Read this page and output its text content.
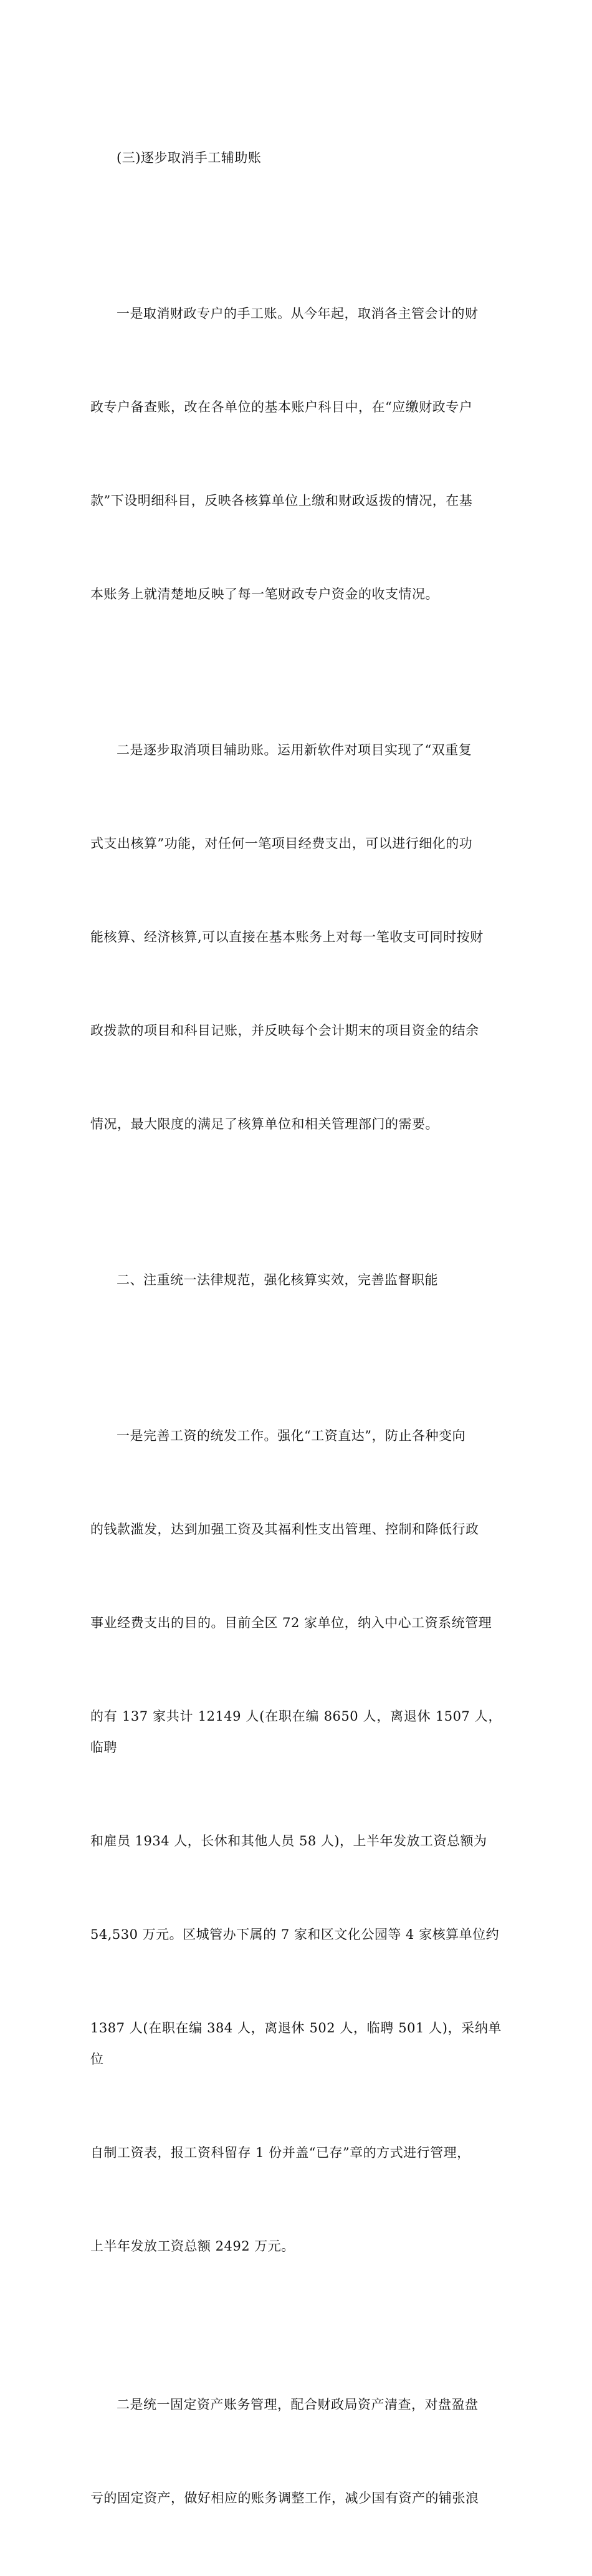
(三)逐步取消手工辅助账

一是取消财政专户的手工账。从今年起，取消各主管会计的财

政专户备查账，改在各单位的基本账户科目中，在“应缴财政专户

款”下设明细科目，反映各核算单位上缴和财政返拨的情况，在基

本账务上就清楚地反映了每一笔财政专户资金的收支情况。

二是逐步取消项目辅助账。运用新软件对项目实现了“双重复

式支出核算”功能，对任何一笔项目经费支出，可以进行细化的功

能核算、经济核算,可以直接在基本账务上对每一笔收支可同时按财

政拨款的项目和科目记账，并反映每个会计期末的项目资金的结余

情况，最大限度的满足了核算单位和相关管理部门的需要。

二、注重统一法律规范，强化核算实效，完善监督职能

一是完善工资的统发工作。强化“工资直达”，防止各种变向

的钱款滥发，达到加强工资及其福利性支出管理、控制和降低行政

事业经费支出的目的。目前全区 72 家单位，纳入中心工资系统管理

的有 137 家共计 12149 人(在职在编 8650 人，离退休 1507 人，临聘

和雇员 1934 人，长休和其他人员 58 人)，上半年发放工资总额为

54,530 万元。区城管办下属的 7 家和区文化公园等 4 家核算单位约

1387 人(在职在编 384 人，离退休 502 人，临聘 501 人)，采纳单位

自制工资表，报工资科留存 1 份并盖“已存”章的方式进行管理，

上半年发放工资总额 2492 万元。

二是统一固定资产账务管理，配合财政局资产清查，对盘盈盘

亏的固定资产，做好相应的账务调整工作，减少国有资产的铺张浪
